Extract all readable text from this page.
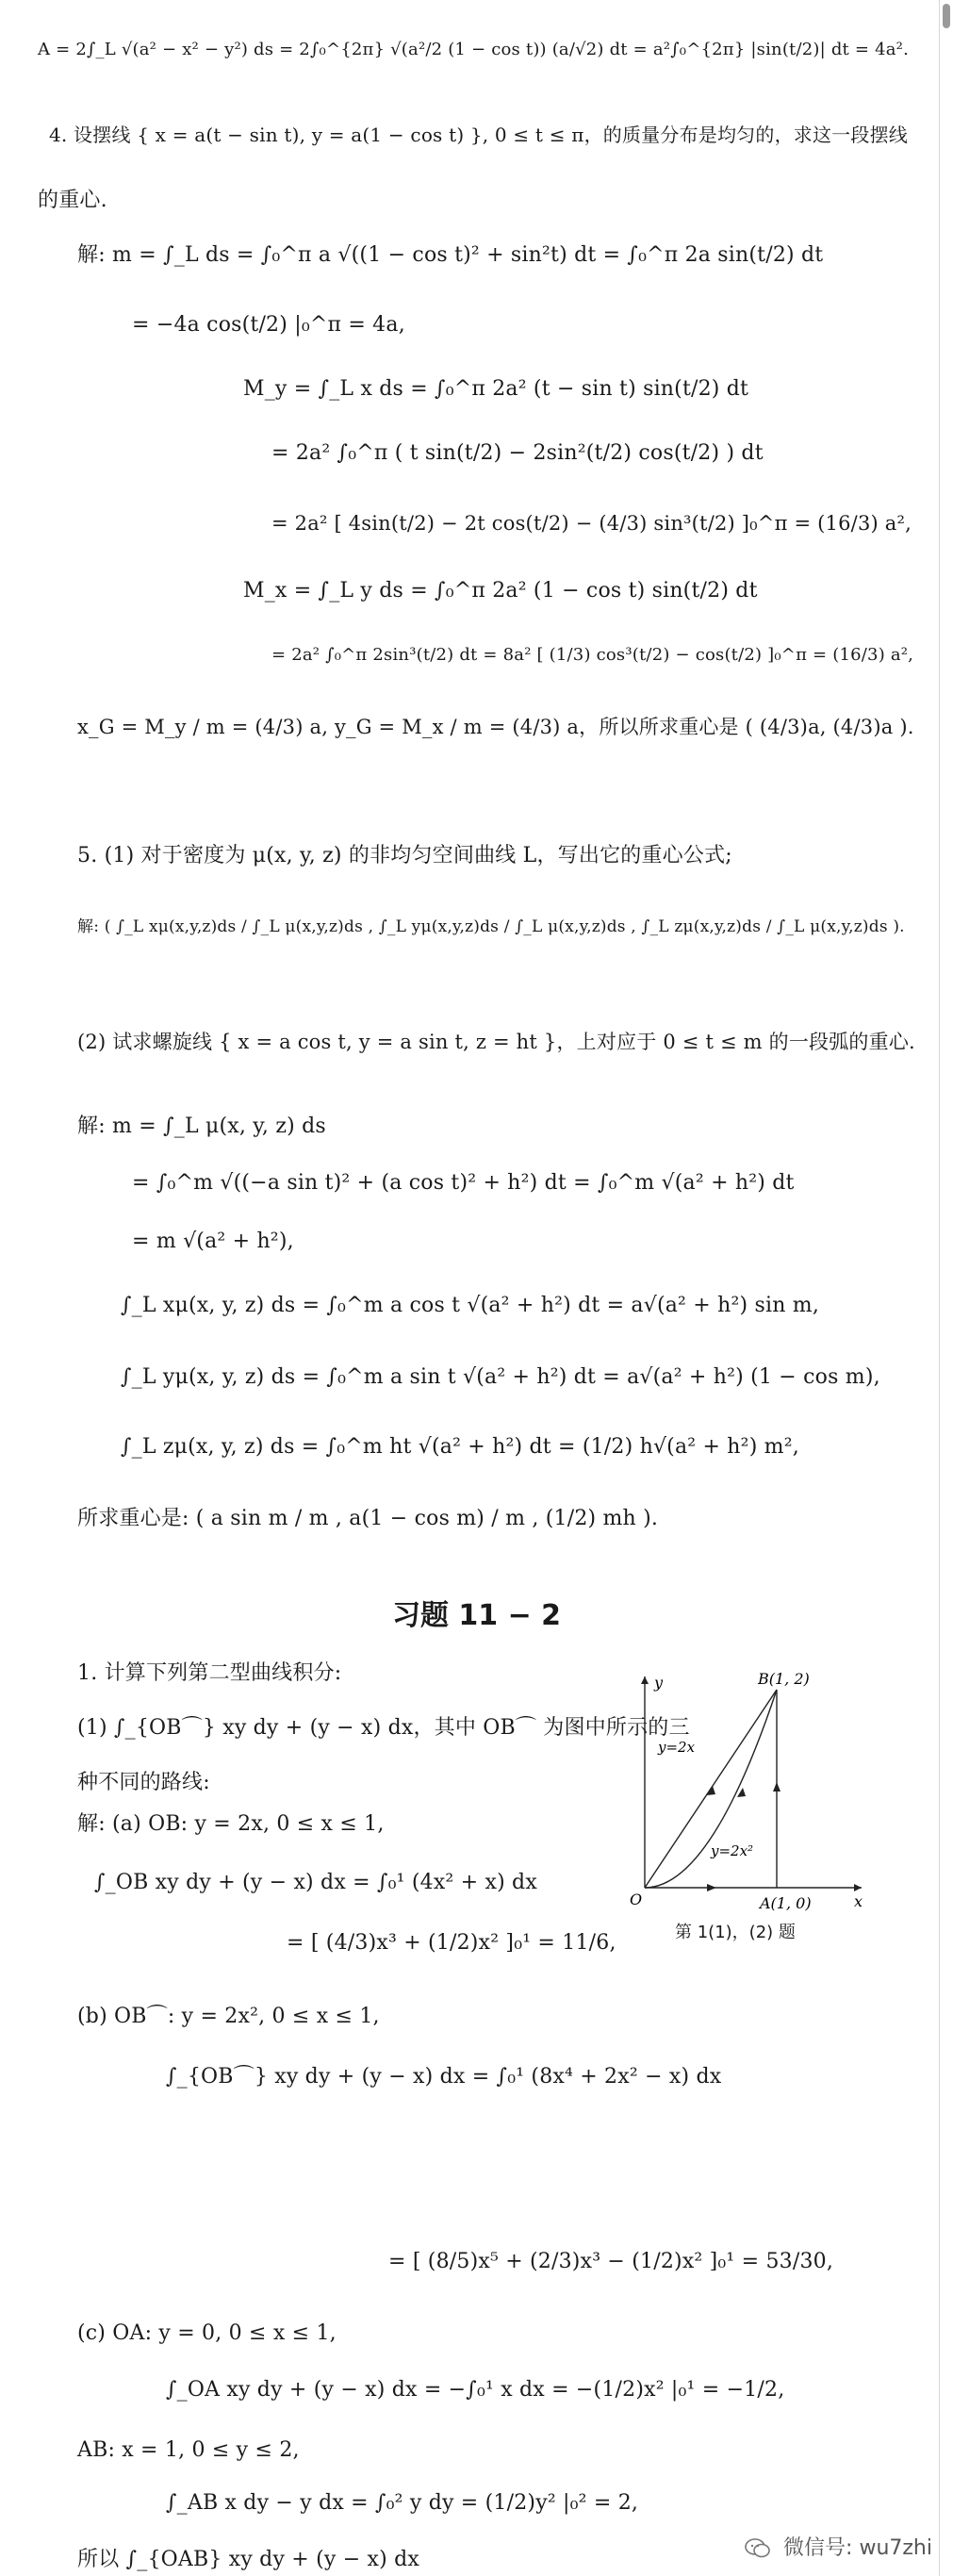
A = 2∫_L √(a² − x² − y²) ds = 2∫₀^{2π} √(a²/2 (1 − cos t)) (a/√2) dt = a²∫₀^{2π} |sin(t/2)| dt = 4a².
4. 设摆线 { x = a(t − sin t), y = a(1 − cos t) }, 0 ≤ t ≤ π，的质量分布是均匀的，求这一段摆线
的重心.
解: m = ∫_L ds = ∫₀^π a √((1 − cos t)² + sin²t) dt = ∫₀^π 2a sin(t/2) dt
= −4a cos(t/2) |₀^π = 4a,
M_y = ∫_L x ds = ∫₀^π 2a² (t − sin t) sin(t/2) dt
= 2a² ∫₀^π ( t sin(t/2) − 2sin²(t/2) cos(t/2) ) dt
= 2a² [ 4sin(t/2) − 2t cos(t/2) − (4/3) sin³(t/2) ]₀^π = (16/3) a²,
M_x = ∫_L y ds = ∫₀^π 2a² (1 − cos t) sin(t/2) dt
= 2a² ∫₀^π 2sin³(t/2) dt = 8a² [ (1/3) cos³(t/2) − cos(t/2) ]₀^π = (16/3) a²,
x_G = M_y / m = (4/3) a, y_G = M_x / m = (4/3) a，所以所求重心是 ( (4/3)a, (4/3)a ).
5. (1) 对于密度为 μ(x, y, z) 的非均匀空间曲线 L，写出它的重心公式;
解: ( ∫_L xμ(x,y,z)ds / ∫_L μ(x,y,z)ds , ∫_L yμ(x,y,z)ds / ∫_L μ(x,y,z)ds , ∫_L zμ(x,y,z)ds / ∫_L μ(x,y,z)ds ).
(2) 试求螺旋线 { x = a cos t, y = a sin t, z = ht }，上对应于 0 ≤ t ≤ m 的一段弧的重心.
解: m = ∫_L μ(x, y, z) ds
= ∫₀^m √((−a sin t)² + (a cos t)² + h²) dt = ∫₀^m √(a² + h²) dt
= m √(a² + h²),
∫_L xμ(x, y, z) ds = ∫₀^m a cos t √(a² + h²) dt = a√(a² + h²) sin m,
∫_L yμ(x, y, z) ds = ∫₀^m a sin t √(a² + h²) dt = a√(a² + h²) (1 − cos m),
∫_L zμ(x, y, z) ds = ∫₀^m ht √(a² + h²) dt = (1/2) h√(a² + h²) m²,
所求重心是: ( a sin m / m , a(1 − cos m) / m , (1/2) mh ).
1. 计算下列第二型曲线积分:
(1) ∫_{OB⌒} xy dy + (y − x) dx，其中 OB⌒ 为图中所示的三
种不同的路线:
解: (a) OB: y = 2x, 0 ≤ x ≤ 1,
∫_OB xy dy + (y − x) dx = ∫₀¹ (4x² + x) dx
= [ (4/3)x³ + (1/2)x² ]₀¹ = 11/6,
(b) OB⌒: y = 2x², 0 ≤ x ≤ 1,
∫_{OB⌒} xy dy + (y − x) dx = ∫₀¹ (8x⁴ + 2x² − x) dx
= [ (8/5)x⁵ + (2/3)x³ − (1/2)x² ]₀¹ = 53/30,
(c) OA: y = 0, 0 ≤ x ≤ 1,
∫_OA xy dy + (y − x) dx = −∫₀¹ x dx = −(1/2)x² |₀¹ = −1/2,
AB: x = 1, 0 ≤ y ≤ 2,
∫_AB x dy − y dx = ∫₀² y dy = (1/2)y² |₀² = 2,
所以 ∫_{OAB} xy dy + (y − x) dx
习题 11 − 2
y
x
O
B(1, 2)
A(1, 0)
y=2x
y=2x²
第 1(1)，(2) 题
微信号: wu7zhi
